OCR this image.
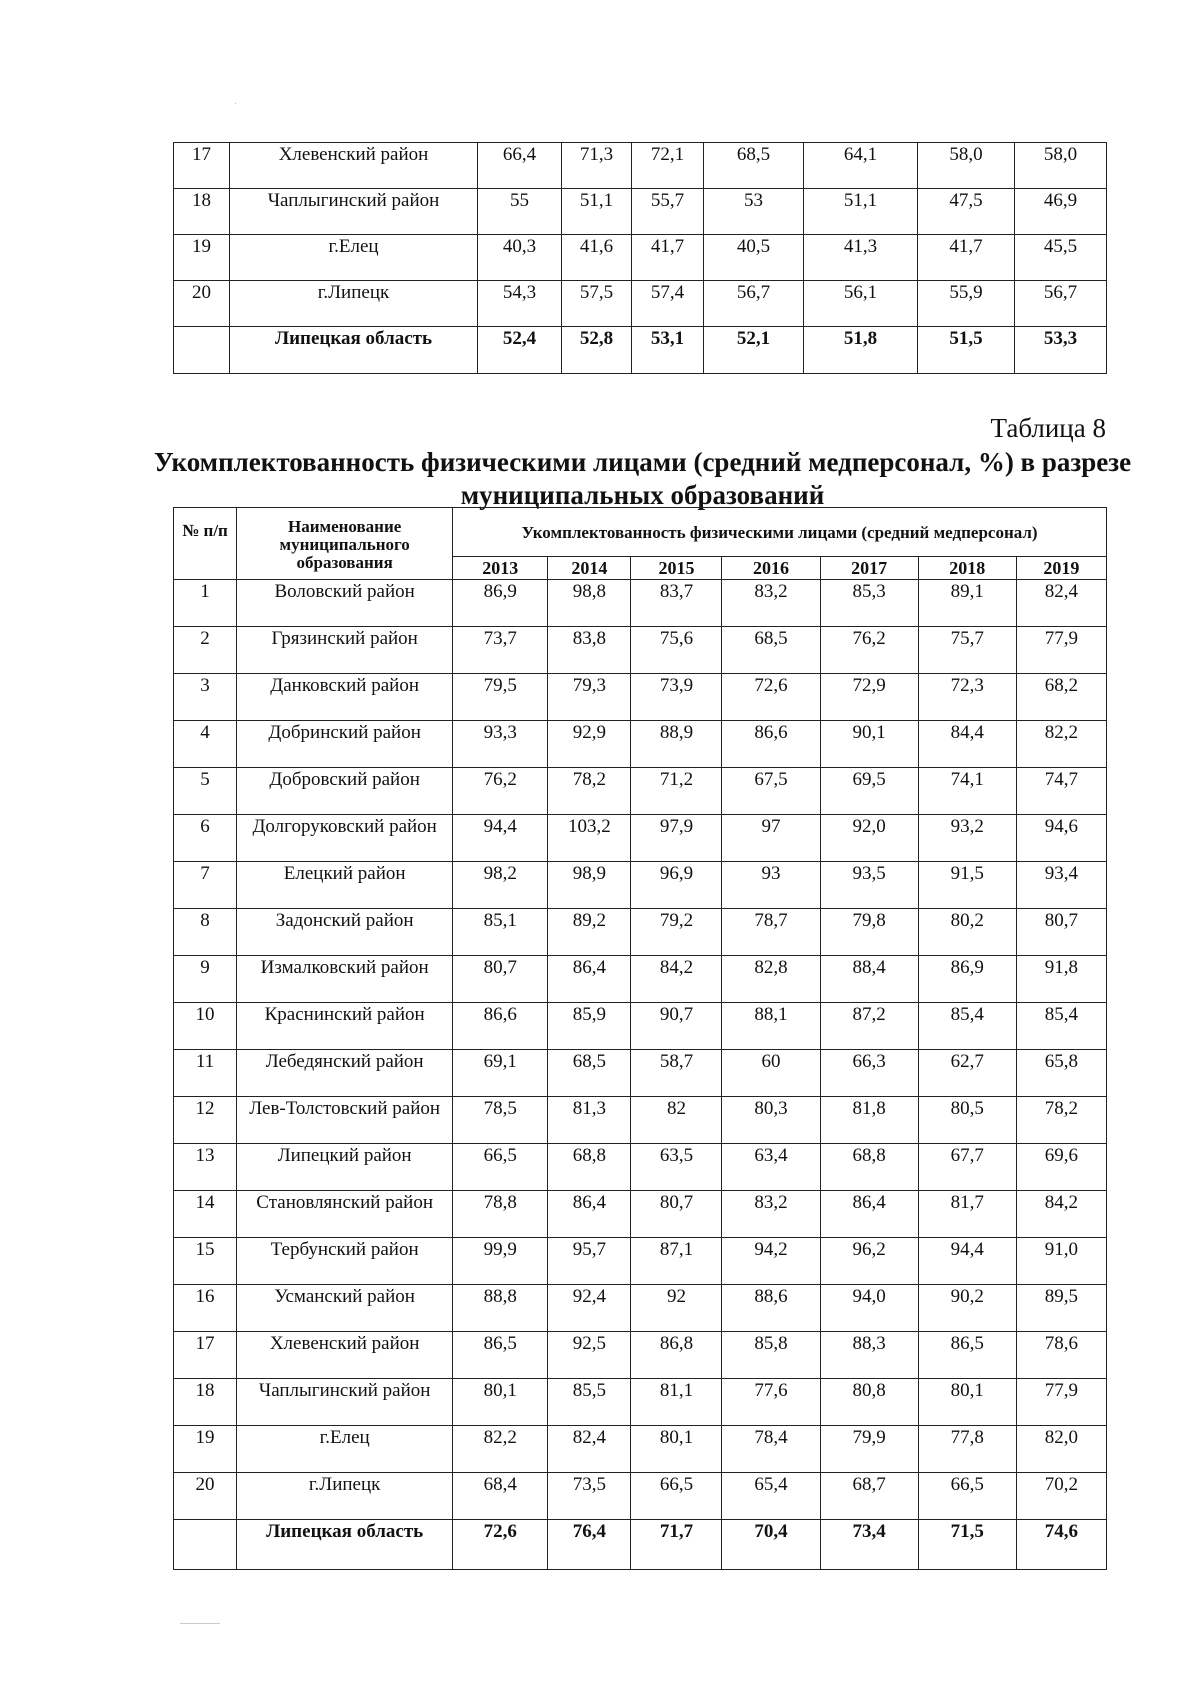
17	Хлевенский район	66,4	71,3	72,1	68,5	64,1	58,0	58,0
18	Чаплыгинский район	55	51,1	55,7	53	51,1	47,5	46,9
19	г.Елец	40,3	41,6	41,7	40,5	41,3	41,7	45,5
20	г.Липецк	54,3	57,5	57,4	56,7	56,1	55,9	56,7
	Липецкая область	52,4	52,8	53,1	52,1	51,8	51,5	53,3
Таблица 8
Укомплектованность физическими лицами (средний медперсонал, %) в разрезе муниципальных образований
№ п/п	Наименование муниципального образования	Укомплектованность физическими лицами (средний медперсонал)						
		2013	2014	2015	2016	2017	2018	2019
1	Воловский район	86,9	98,8	83,7	83,2	85,3	89,1	82,4
2	Грязинский район	73,7	83,8	75,6	68,5	76,2	75,7	77,9
3	Данковский район	79,5	79,3	73,9	72,6	72,9	72,3	68,2
4	Добринский район	93,3	92,9	88,9	86,6	90,1	84,4	82,2
5	Добровский район	76,2	78,2	71,2	67,5	69,5	74,1	74,7
6	Долгоруковский район	94,4	103,2	97,9	97	92,0	93,2	94,6
7	Елецкий район	98,2	98,9	96,9	93	93,5	91,5	93,4
8	Задонский район	85,1	89,2	79,2	78,7	79,8	80,2	80,7
9	Измалковский район	80,7	86,4	84,2	82,8	88,4	86,9	91,8
10	Краснинский район	86,6	85,9	90,7	88,1	87,2	85,4	85,4
11	Лебедянский район	69,1	68,5	58,7	60	66,3	62,7	65,8
12	Лев-Толстовский район	78,5	81,3	82	80,3	81,8	80,5	78,2
13	Липецкий район	66,5	68,8	63,5	63,4	68,8	67,7	69,6
14	Становлянский район	78,8	86,4	80,7	83,2	86,4	81,7	84,2
15	Тербунский район	99,9	95,7	87,1	94,2	96,2	94,4	91,0
16	Усманский район	88,8	92,4	92	88,6	94,0	90,2	89,5
17	Хлевенский район	86,5	92,5	86,8	85,8	88,3	86,5	78,6
18	Чаплыгинский район	80,1	85,5	81,1	77,6	80,8	80,1	77,9
19	г.Елец	82,2	82,4	80,1	78,4	79,9	77,8	82,0
20	г.Липецк	68,4	73,5	66,5	65,4	68,7	66,5	70,2
	Липецкая область	72,6	76,4	71,7	70,4	73,4	71,5	74,6
